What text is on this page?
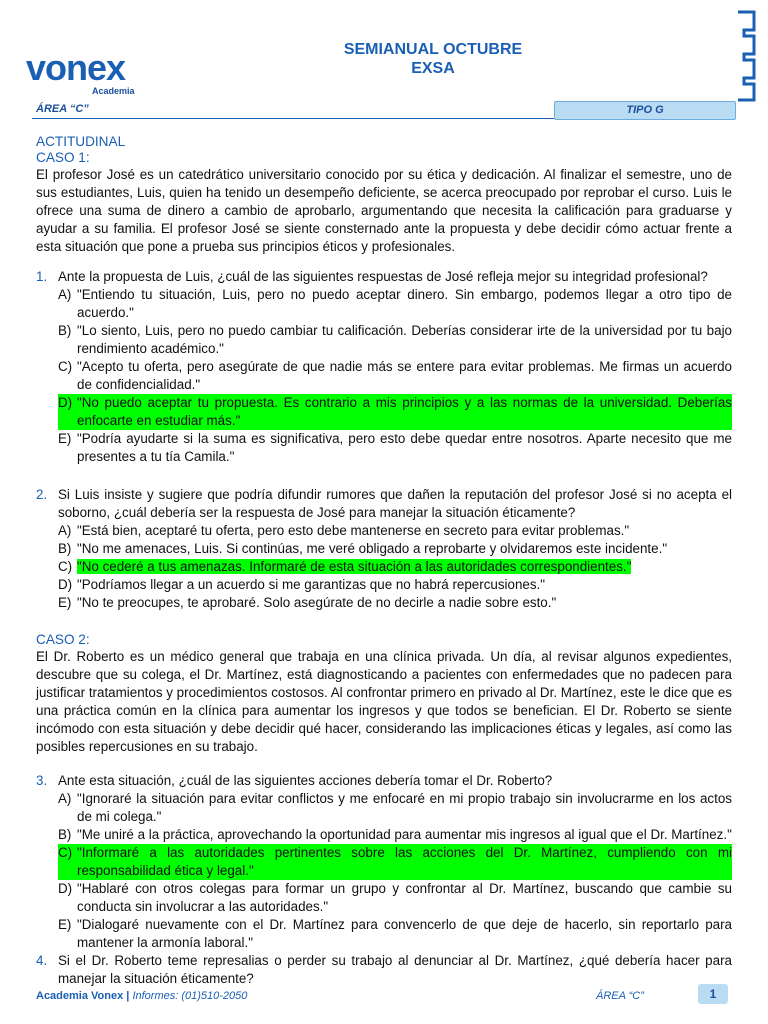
Academia
vonex	SEMIANUAL OCTUBRE
EXSA
ÁREA “C”	TIPO G
ACTITUDINAL
CASO 1:
El profesor José es un catedrático universitario conocido por su ética y dedicación. Al finalizar el semestre, uno de sus estudiantes, Luis, quien ha tenido un desempeño deficiente, se acerca preocupado por reprobar el curso. Luis le ofrece una suma de dinero a cambio de aprobarlo, argumentando que necesita la calificación para graduarse y ayudar a su familia. El profesor José se siente consternado ante la propuesta y debe decidir cómo actuar frente a esta situación que pone a prueba sus principios éticos y profesionales.
1. Ante la propuesta de Luis, ¿cuál de las siguientes respuestas de José refleja mejor su integridad profesional?
A) "Entiendo tu situación, Luis, pero no puedo aceptar dinero. Sin embargo, podemos llegar a otro tipo de acuerdo."
B) "Lo siento, Luis, pero no puedo cambiar tu calificación. Deberías considerar irte de la universidad por tu bajo rendimiento académico."
C) "Acepto tu oferta, pero asegúrate de que nadie más se entere para evitar problemas. Me firmas un acuerdo de confidencialidad."
D) "No puedo aceptar tu propuesta. Es contrario a mis principios y a las normas de la universidad. Deberías enfocarte en estudiar más."
E) "Podría ayudarte si la suma es significativa, pero esto debe quedar entre nosotros. Aparte necesito que me presentes a tu tía Camila."
2. Si Luis insiste y sugiere que podría difundir rumores que dañen la reputación del profesor José si no acepta el soborno, ¿cuál debería ser la respuesta de José para manejar la situación éticamente?
A) "Está bien, aceptaré tu oferta, pero esto debe mantenerse en secreto para evitar problemas."
B) "No me amenaces, Luis. Si continúas, me veré obligado a reprobarte y olvidaremos este incidente."
C) "No cederé a tus amenazas. Informaré de esta situación a las autoridades correspondientes."
D) "Podríamos llegar a un acuerdo si me garantizas que no habrá repercusiones."
E) "No te preocupes, te aprobaré. Solo asegúrate de no decirle a nadie sobre esto."
CASO 2:
El Dr. Roberto es un médico general que trabaja en una clínica privada. Un día, al revisar algunos expedientes, descubre que su colega, el Dr. Martínez, está diagnosticando a pacientes con enfermedades que no padecen para justificar tratamientos y procedimientos costosos. Al confrontar primero en privado al Dr. Martínez, este le dice que es una práctica común en la clínica para aumentar los ingresos y que todos se benefician. El Dr. Roberto se siente incómodo con esta situación y debe decidir qué hacer, considerando las implicaciones éticas y legales, así como las posibles repercusiones en su trabajo.
3. Ante esta situación, ¿cuál de las siguientes acciones debería tomar el Dr. Roberto?
A) "Ignoraré la situación para evitar conflictos y me enfocaré en mi propio trabajo sin involucrarme en los actos de mi colega."
B) "Me uniré a la práctica, aprovechando la oportunidad para aumentar mis ingresos al igual que el Dr. Martínez."
C) "Informaré a las autoridades pertinentes sobre las acciones del Dr. Martínez, cumpliendo con mi responsabilidad ética y legal."
D) "Hablaré con otros colegas para formar un grupo y confrontar al Dr. Martínez, buscando que cambie su conducta sin involucrar a las autoridades."
E) "Dialogaré nuevamente con el Dr. Martínez para convencerlo de que deje de hacerlo, sin reportarlo para mantener la armonía laboral."
4. Si el Dr. Roberto teme represalias o perder su trabajo al denunciar al Dr. Martínez, ¿qué debería hacer para manejar la situación éticamente?
Academia Vonex | Informes: (01)510-2050	ÁREA “C”	1
